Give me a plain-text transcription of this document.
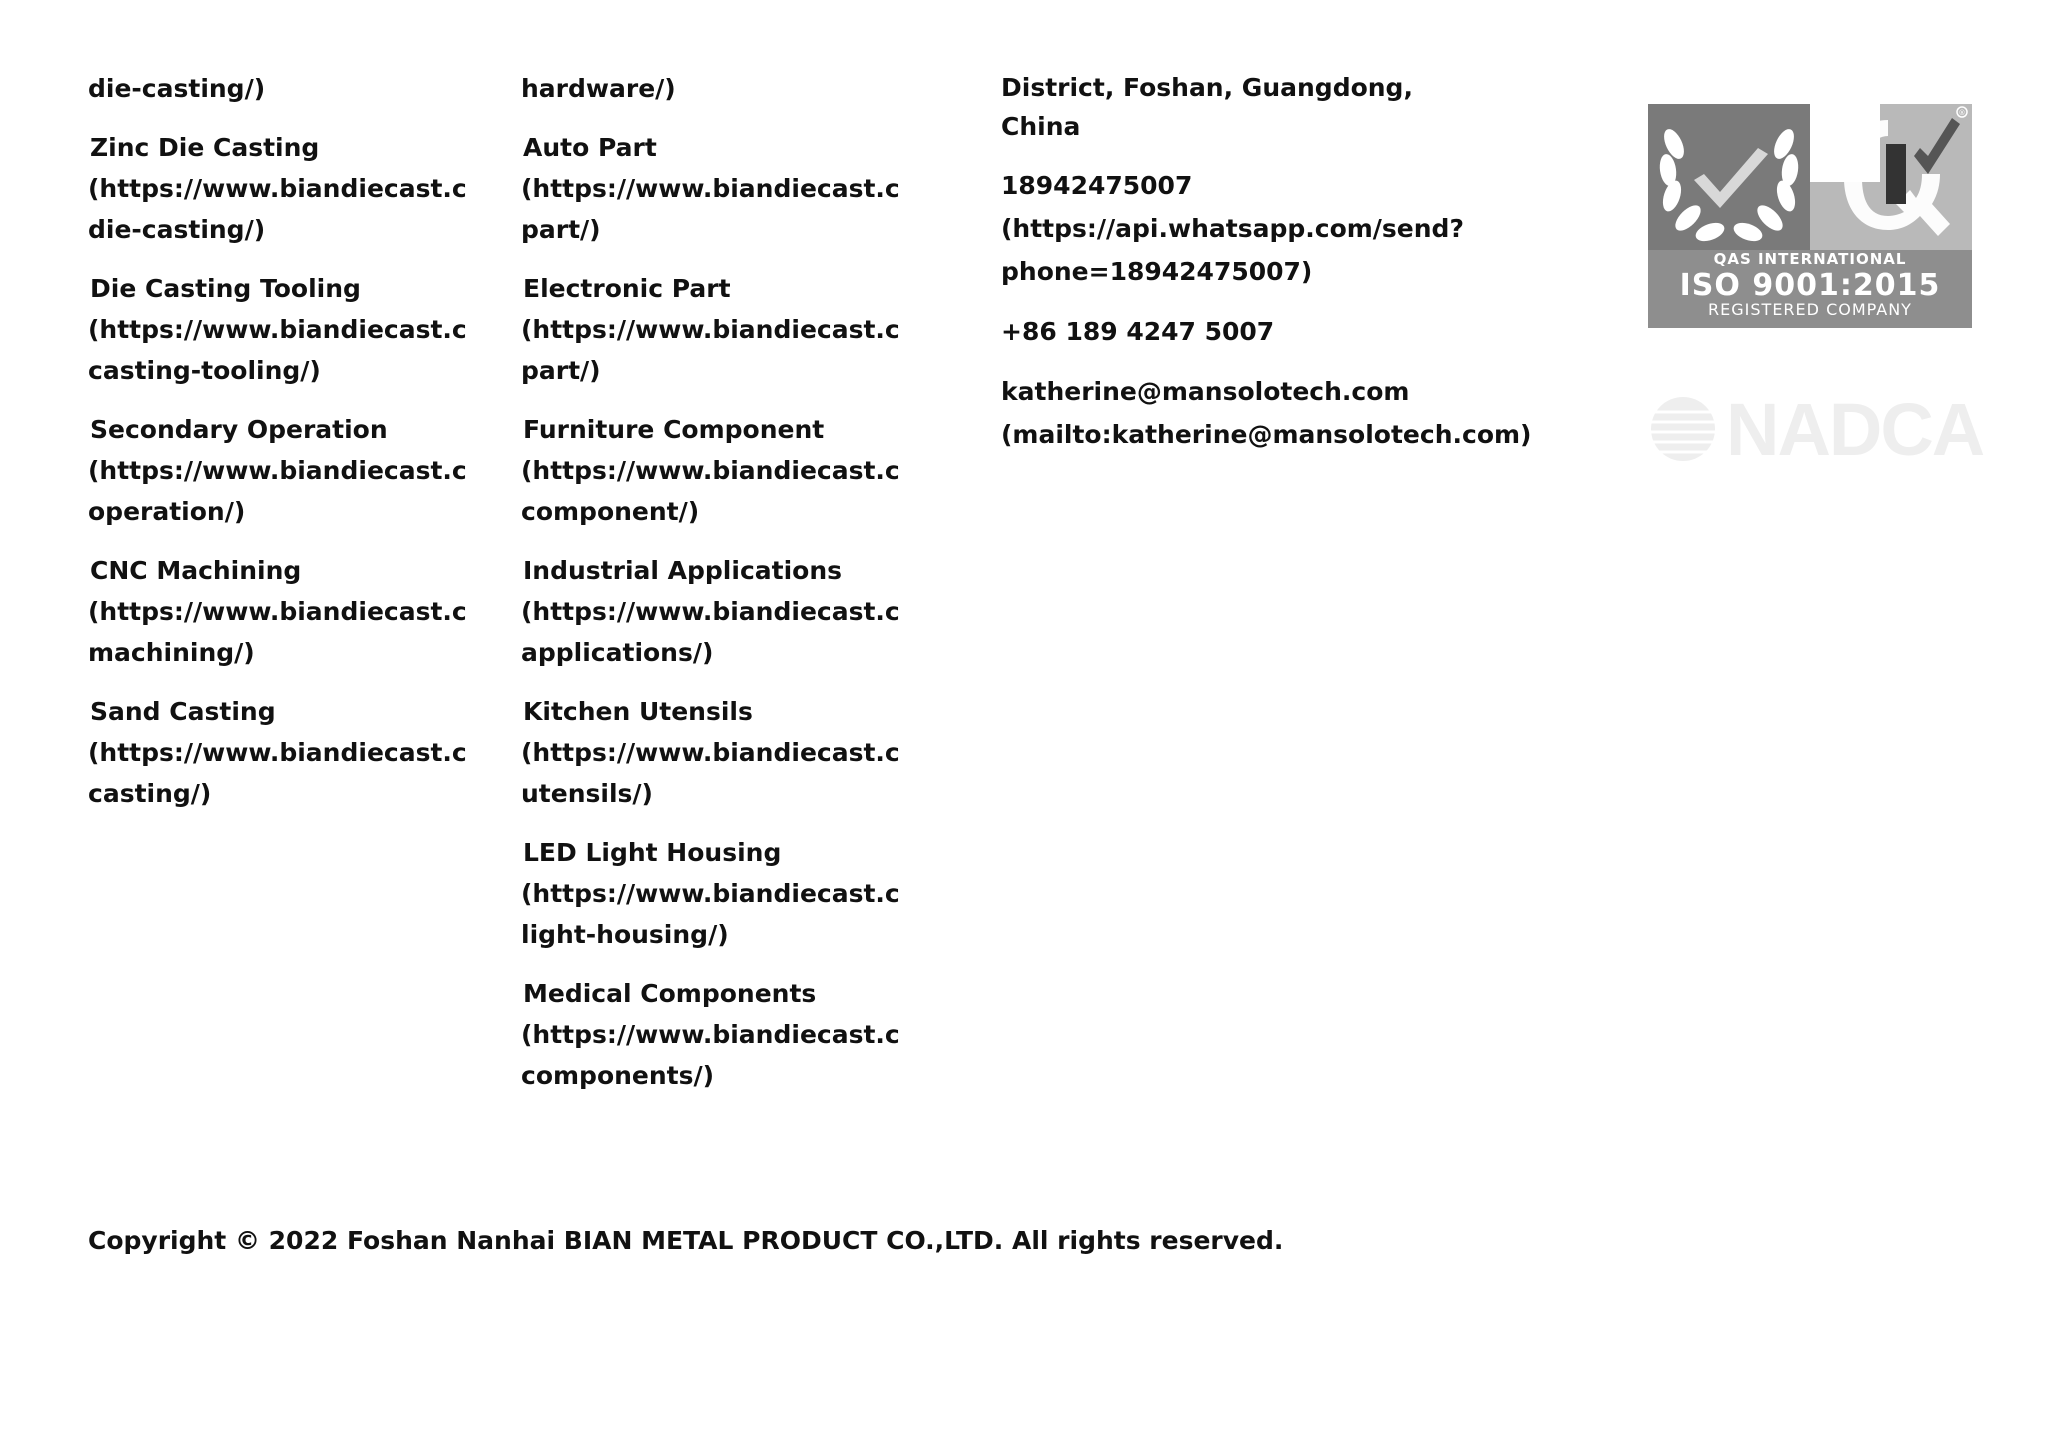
die-casting/)
Zinc Die Casting
(https://www.biandiecast.c
die-casting/)
Die Casting Tooling
(https://www.biandiecast.c
casting-tooling/)
Secondary Operation
(https://www.biandiecast.c
operation/)
CNC Machining
(https://www.biandiecast.c
machining/)
Sand Casting
(https://www.biandiecast.c
casting/)
hardware/)
Auto Part
(https://www.biandiecast.c
part/)
Electronic Part
(https://www.biandiecast.c
part/)
Furniture Component
(https://www.biandiecast.c
component/)
Industrial Applications
(https://www.biandiecast.c
applications/)
Kitchen Utensils
(https://www.biandiecast.c
utensils/)
LED Light Housing
(https://www.biandiecast.c
light-housing/)
Medical Components
(https://www.biandiecast.c
components/)
District, Foshan, Guangdong,
China
18942475007
(https://api.whatsapp.com/send?
phone=18942475007)
+86 189 4247 5007
katherine@mansolotech.com
(mailto:katherine@mansolotech.com)
®
QAS INTERNATIONAL
ISO 9001:2015
REGISTERED COMPANY
NADCA
Copyright © 2022 Foshan Nanhai BIAN METAL PRODUCT CO.,LTD. All rights reserved.
